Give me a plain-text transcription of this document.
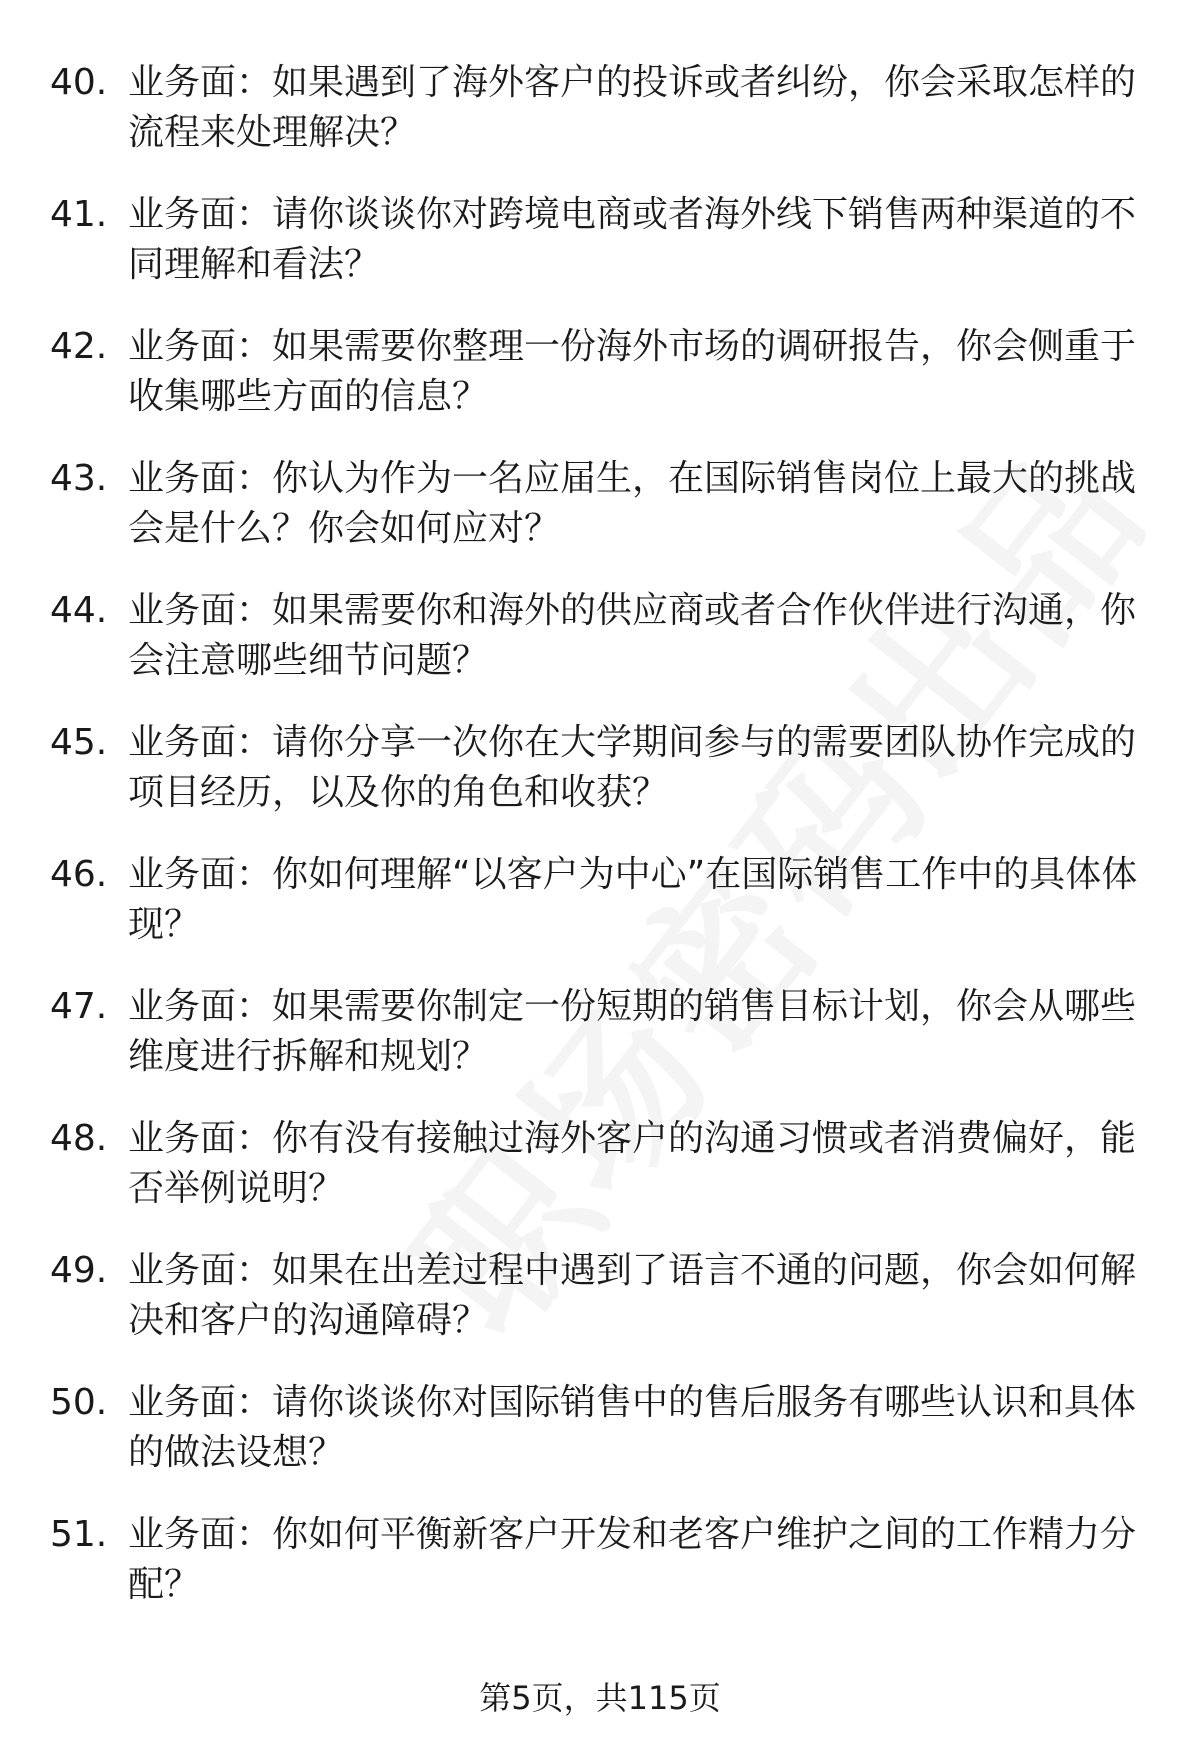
40. 业务面：如果遇到了海外客户的投诉或者纠纷，你会采取怎样的流程来处理解决？
41. 业务面：请你谈谈你对跨境电商或者海外线下销售两种渠道的不同理解和看法？
42. 业务面：如果需要你整理一份海外市场的调研报告，你会侧重于收集哪些方面的信息？
43. 业务面：你认为作为一名应届生，在国际销售岗位上最大的挑战会是什么？你会如何应对？
44. 业务面：如果需要你和海外的供应商或者合作伙伴进行沟通，你会注意哪些细节问题？
45. 业务面：请你分享一次你在大学期间参与的需要团队协作完成的项目经历，以及你的角色和收获？
46. 业务面：你如何理解“以客户为中心”在国际销售工作中的具体体现？
47. 业务面：如果需要你制定一份短期的销售目标计划，你会从哪些维度进行拆解和规划？
48. 业务面：你有没有接触过海外客户的沟通习惯或者消费偏好，能否举例说明？
49. 业务面：如果在出差过程中遇到了语言不通的问题，你会如何解决和客户的沟通障碍？
50. 业务面：请你谈谈你对国际销售中的售后服务有哪些认识和具体的做法设想？
51. 业务面：你如何平衡新客户开发和老客户维护之间的工作精力分配？
第5页，共115页
